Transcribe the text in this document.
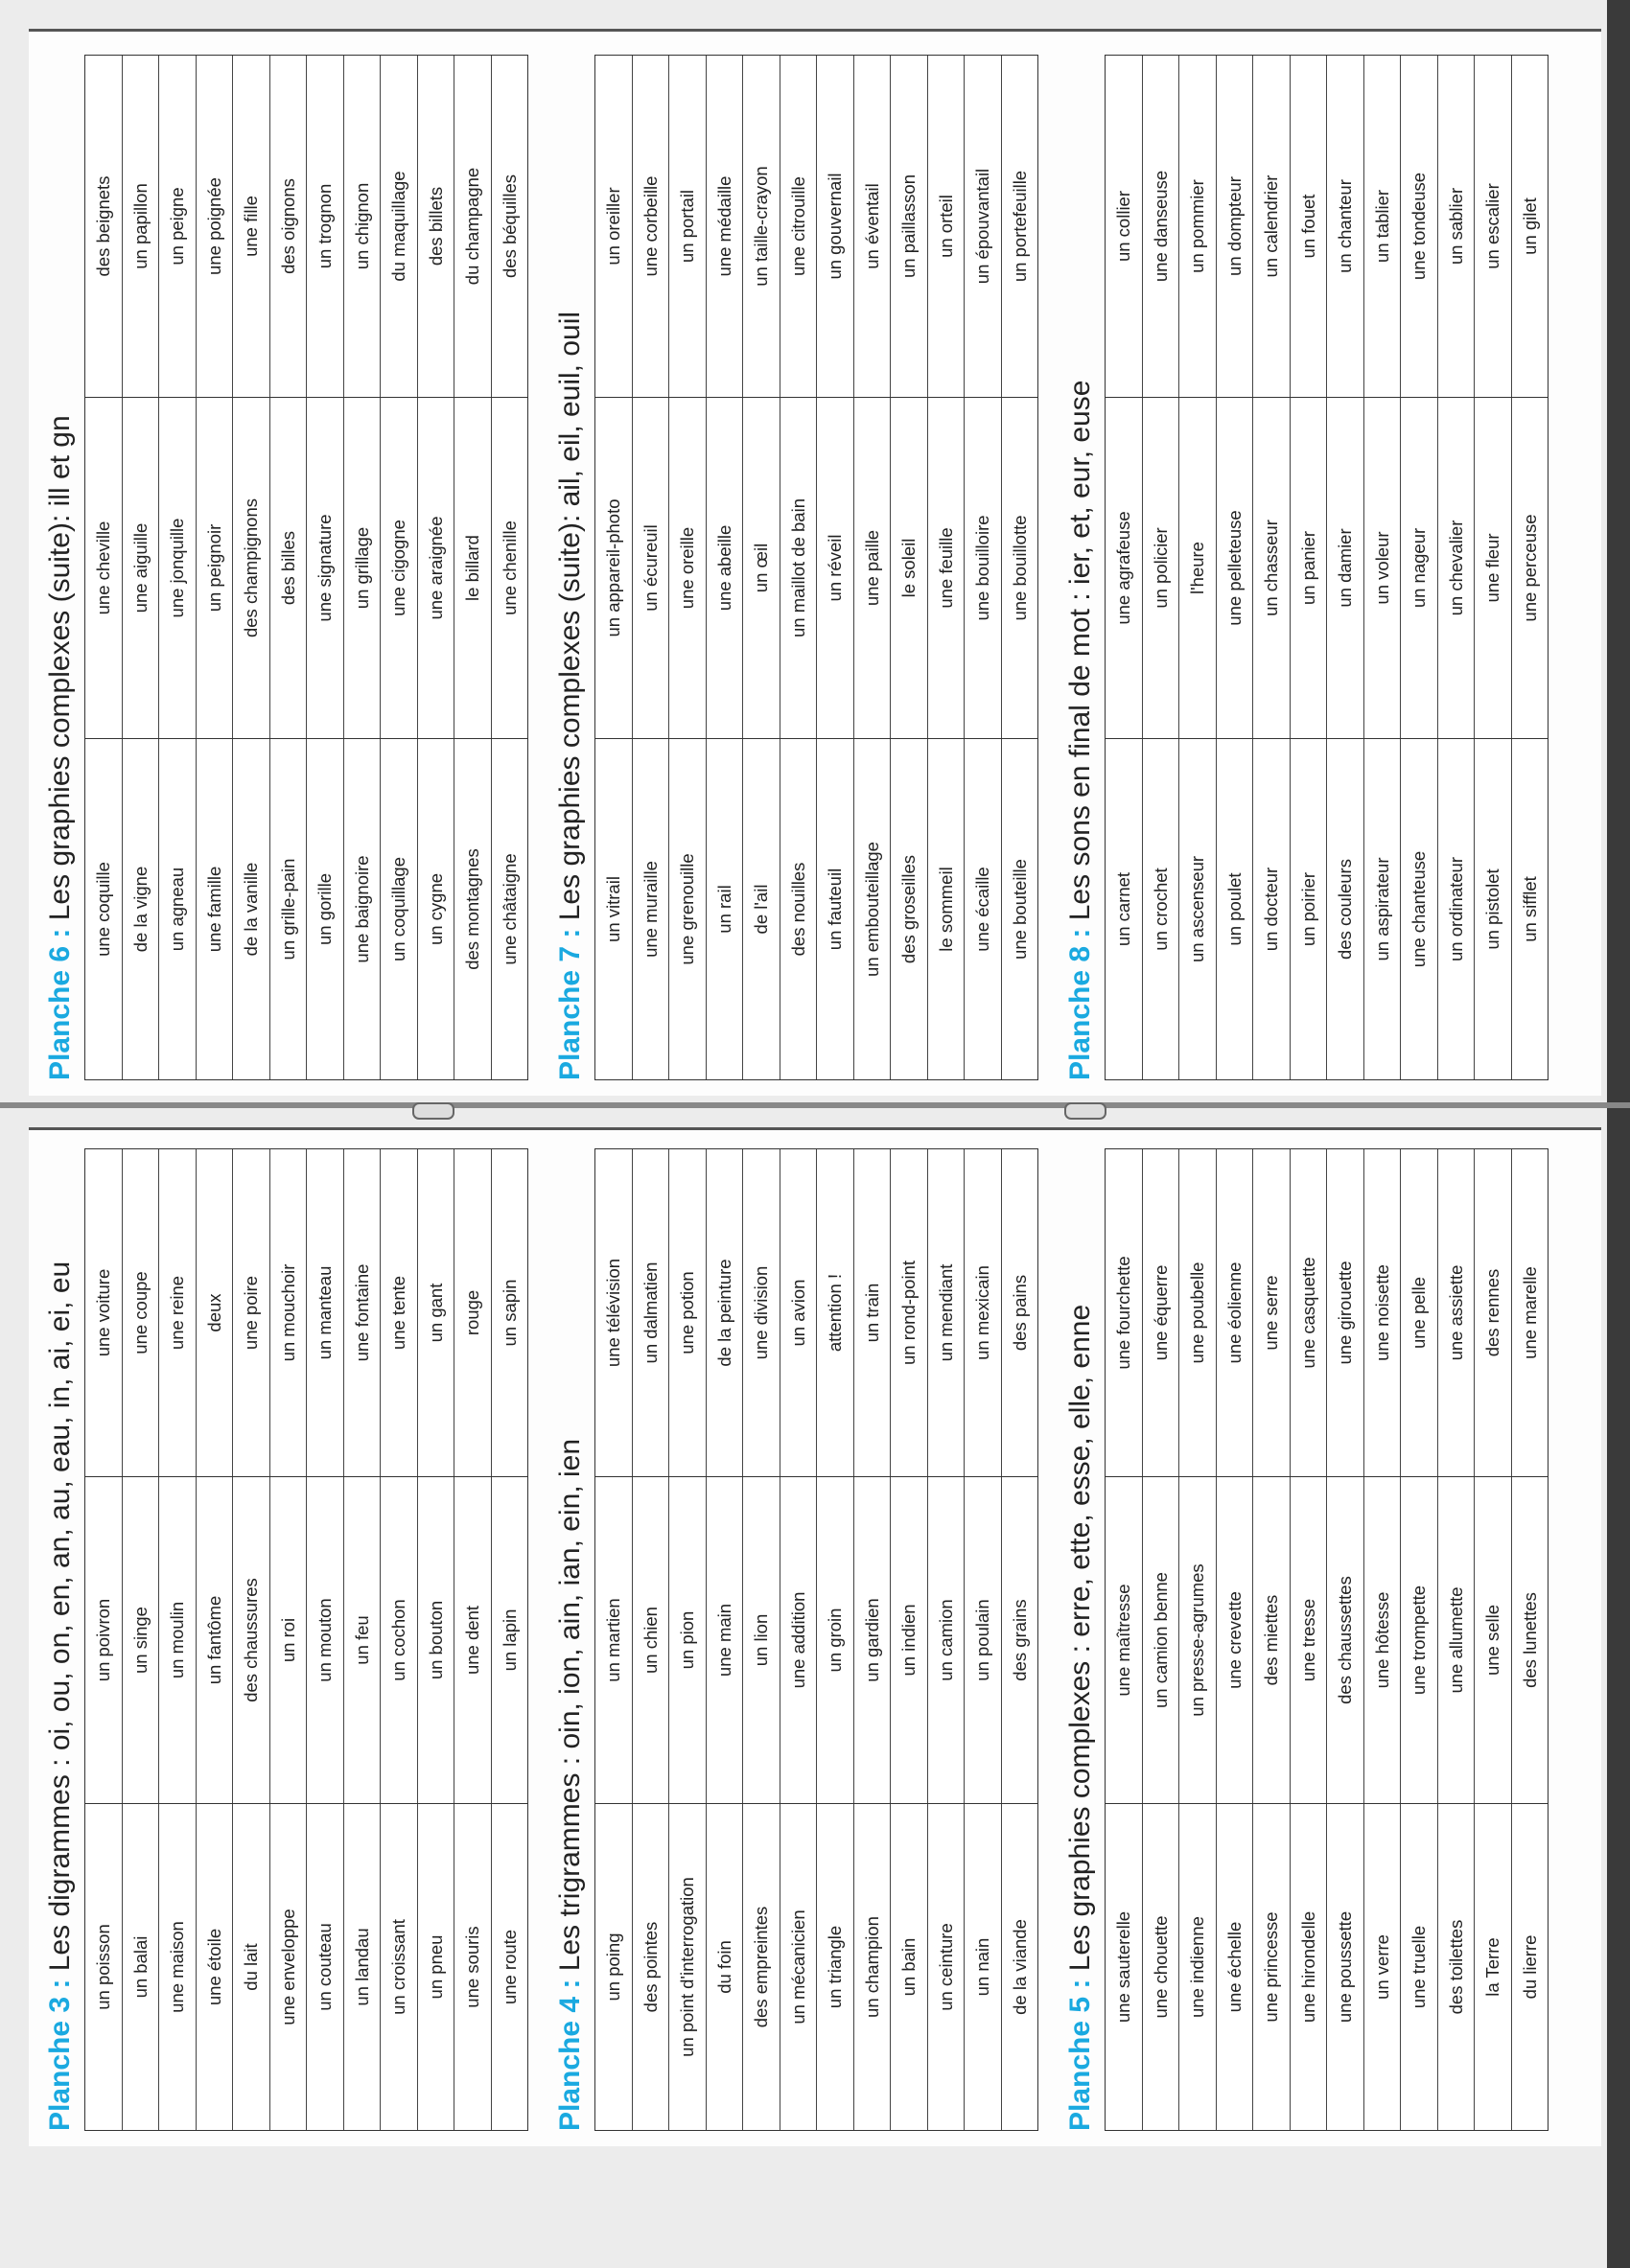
Planche 6 : Les graphies complexes (suite): ill et gn une coquille de la vigne un agneau une famille de la vanille un grille-pain un gorille une baignoire un coquillage un cygne des montagnes une châtaigne
une cheville une aiguille une jonquille un peignoir des champignons des billes une signature un grillage une cigogne une araignée le billard une chenille
des beignets un papillon un peigne une poignée une fille des oignons un trognon un chignon du maquillage des billets du champagne des béquilles
Planche 7 : Les graphies complexes (suite): ail, eil, euil, ouil un vitrail une muraille une grenouille un rail de l'ail des nouilles un fauteuil un embouteillage des groseilles le sommeil une écaille une bouteille
un appareil-photo un écureuil une oreille une abeille un œil un maillot de bain un réveil une paille le soleil une feuille une bouilloire une bouillotte
un oreiller une corbeille un portail une médaille un taille-crayon une citrouille un gouvernail un éventail un paillasson un orteil un épouvantail un portefeuille
Planche 8 : Les sons en final de mot : ier, et, eur, euse un carnet un crochet un ascenseur un poulet un docteur un poirier des couleurs un aspirateur une chanteuse un ordinateur un pistolet un sifflet
une agrafeuse un policier l'heure une pelleteuse un chasseur un panier un damier un voleur un nageur un chevalier une fleur une perceuse
un collier une danseuse un pommier un dompteur un calendrier un fouet un chanteur un tablier une tondeuse un sablier un escalier un gilet
Planche 3 : Les digrammes : oi, ou, on, en, an, au, eau, in, ai, ei, eu un poisson un balai une maison une étoile du lait une enveloppe un couteau un landau un croissant un pneu une souris une route
un poivron un singe un moulin un fantôme des chaussures un roi un mouton un feu un cochon un bouton une dent un lapin
une voiture une coupe une reine deux une poire un mouchoir un manteau une fontaine une tente un gant rouge un sapin
Planche 4 : Les trigrammes : oin, ion, ain, ian, ein, ien un poing des pointes un point d'interrogation du foin des empreintes un mécanicien un triangle un champion un bain un ceinture un nain de la viande
un martien un chien un pion une main un lion une addition un groin un gardien un indien un camion un poulain des grains
une télévision un dalmatien une potion de la peinture une division un avion attention ! un train un rond-point un mendiant un mexicain des pains
Planche 5 : Les graphies complexes : erre, ette, esse, elle, enne une sauterelle une chouette une indienne une échelle une princesse une hirondelle une poussette un verre une truelle des toilettes la Terre du lierre
une maîtresse un camion benne un presse-agrumes une crevette des miettes une tresse des chaussettes une hôtesse une trompette une allumette une selle des lunettes
une fourchette une équerre une poubelle une éolienne une serre une casquette une girouette une noisette une pelle une assiette des rennes une marelle
